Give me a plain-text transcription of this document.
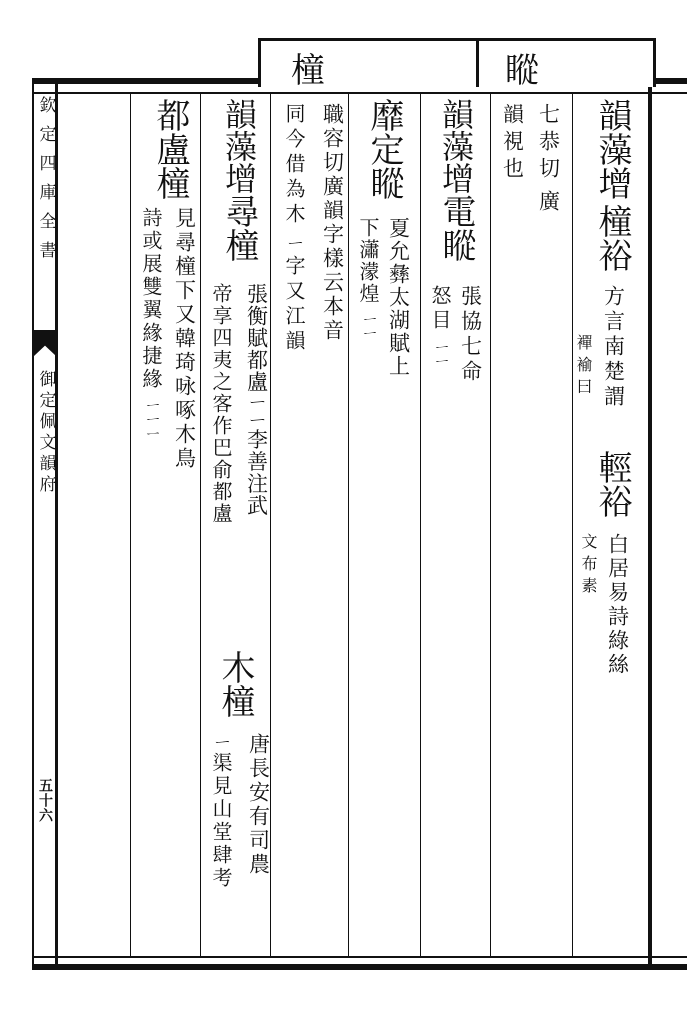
欽定四庫全書
御定佩文韻府
五十六
韻藻增
橦裕
方言南楚謂
襌褕曰
輕裕
白居易詩綠絲
文布素
瞛
七恭切
廣
韻視也
韻藻增
電瞛
張協七命
怒目
ㄧㄧ
靡定瞛
夏允彝太湖賦上
下瀟濛煌
ㄧㄧ
橦
職容切廣韻字樣云本音
同今借為木
ㄧ字又江韻
韻藻增
尋橦
張衡賦都盧ㄧㄧ李善注武
帝享四夷之客作巴俞都盧
木橦
唐長安有司農
ㄧ渠見山堂肆考
都盧橦
見尋橦下又韓琦咏啄木鳥
詩或展雙翼緣捷緣
ㄧㄧㄧ
